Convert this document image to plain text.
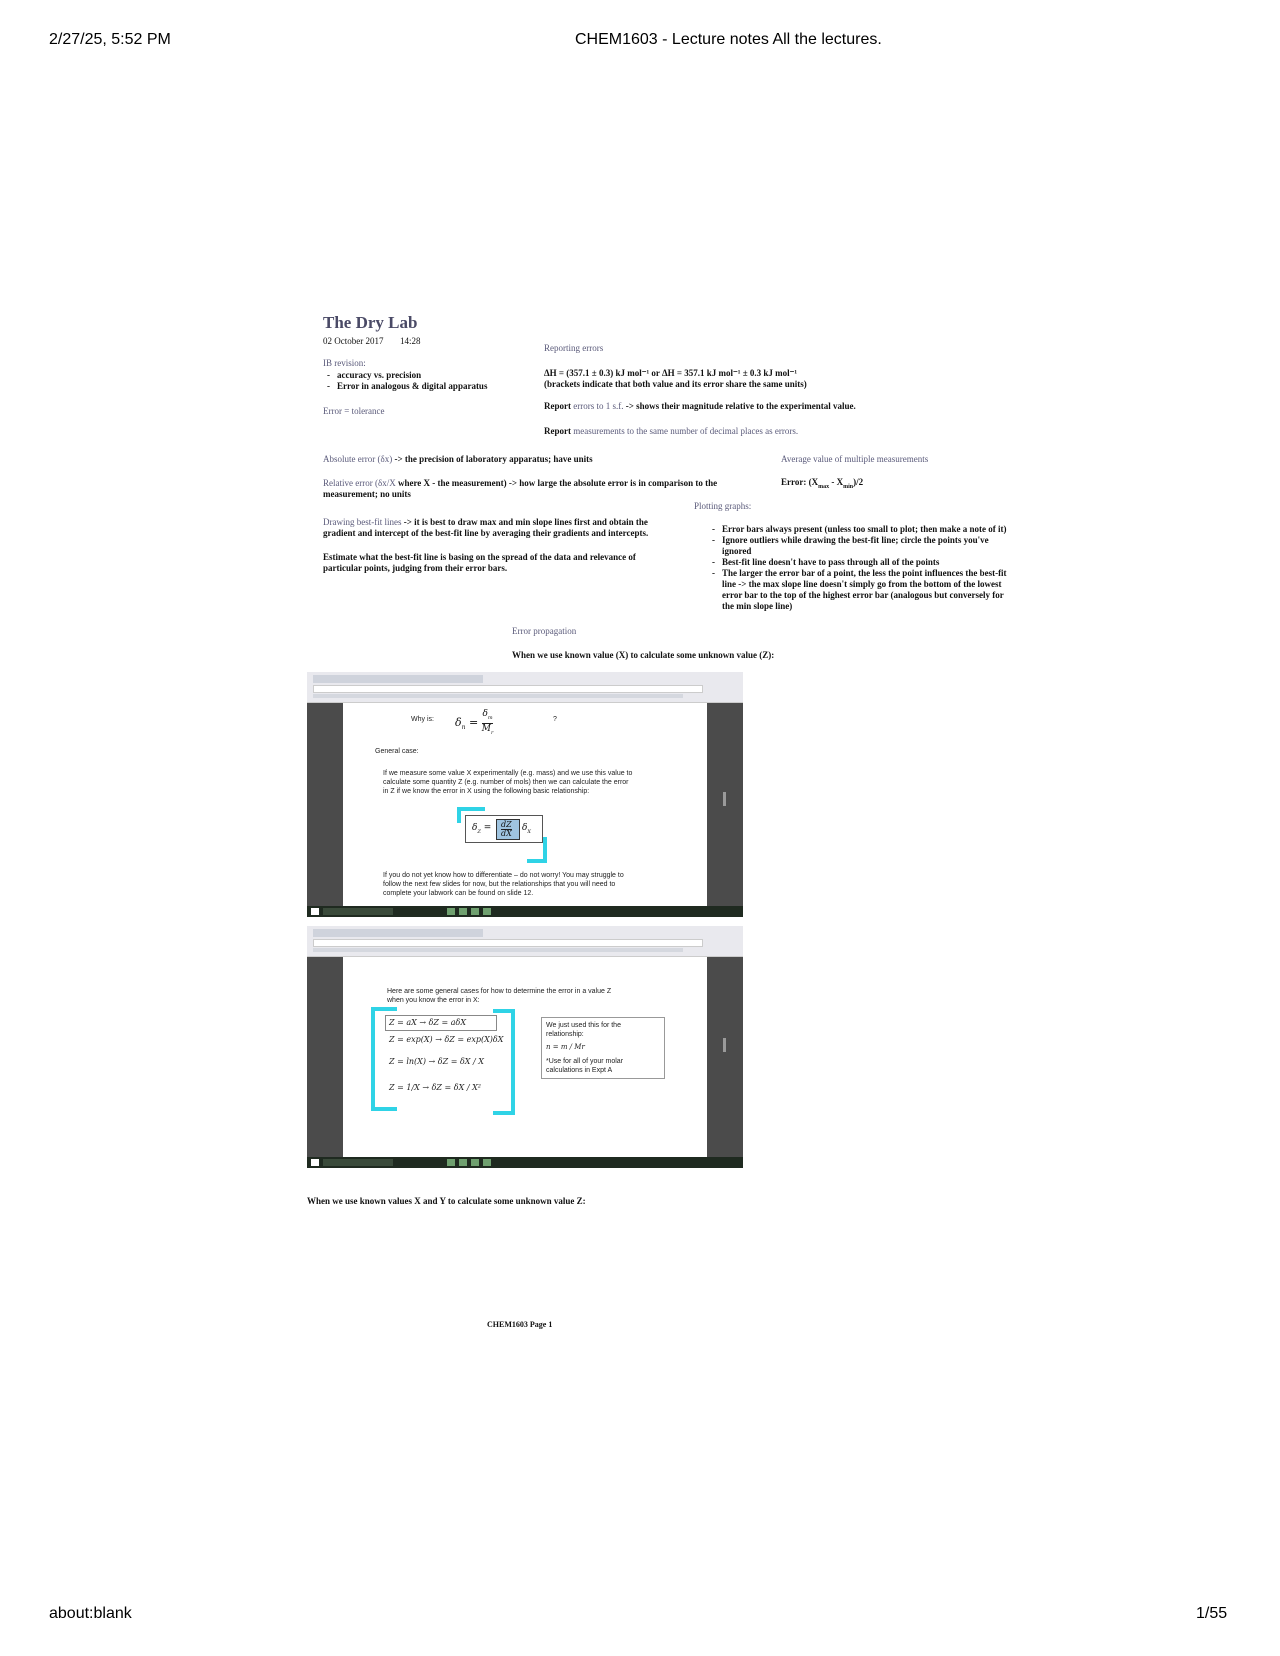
2/27/25, 5:52 PM	CHEM1603 - Lecture notes All the lectures.
The Dry Lab
02 October 2017 14:28
IB revision:
- accuracy vs. precision
- Error in analogous & digital apparatus
Error = tolerance
Reporting errors
ΔH = (357.1 ± 0.3) kJ mol⁻¹ or ΔH = 357.1 kJ mol⁻¹ ± 0.3 kJ mol⁻¹
(brackets indicate that both value and its error share the same units)
Report errors to 1 s.f. -> shows their magnitude relative to the experimental value.
Report measurements to the same number of decimal places as errors.
Absolute error (δx) -> the precision of laboratory apparatus; have units
Relative error (δx/X where X - the measurement) -> how large the absolute error is in comparison to the
measurement; no units
Average value of multiple measurements
Error: $(X_{max} - X_{min})/2$
Plotting graphs:
- Error bars always present (unless too small to plot; then make a note of it)
- Ignore outliers while drawing the best-fit line; circle the points you've ignored
- Best-fit line doesn't have to pass through all of the points
- The larger the error bar of a point, the less the point influences the best-fit line -> the max slope line doesn't simply go from the bottom of the lowest error bar to the top of the highest error bar (analogous but conversely for the min slope line)
Drawing best-fit lines -> it is best to draw max and min slope lines first and obtain the
gradient and intercept of the best-fit line by averaging their gradients and intercepts.
Estimate what the best-fit line is basing on the spread of the data and relevance of
particular points, judging from their error bars.
Error propagation
When we use known value (X) to calculate some unknown value (Z):
Why is: $\delta_n = \frac{\delta_m}{M_r}$	?
General case:
If we measure some value X experimentally (e.g. mass) and we use this value to
calculate some quantity Z (e.g. number of mols) then we can calculate the error
in Z if we know the error in X using the following basic relationship:
$\delta_Z$ = dZ
dX
$\delta_X$
If you do not yet know how to differentiate – do not worry! You may struggle to
follow the next few slides for now, but the relationships that you will need to
complete your labwork can be found on slide 12.
Here are some general cases for how to determine the error in a value Z
when you know the error in X:
Z = aX → δZ = aδX
Z = exp(X) → δZ = exp(X)δX
Z = ln(X) → δZ = δX / X
Z = 1/X → δZ = δX / X²
We just used this for the
relationship:
n = m / Mr
*Use for all of your molar
calculations in Expt A
When we use known values X and Y to calculate some unknown value Z:
CHEM1603 Page 1
about:blank	1/55
